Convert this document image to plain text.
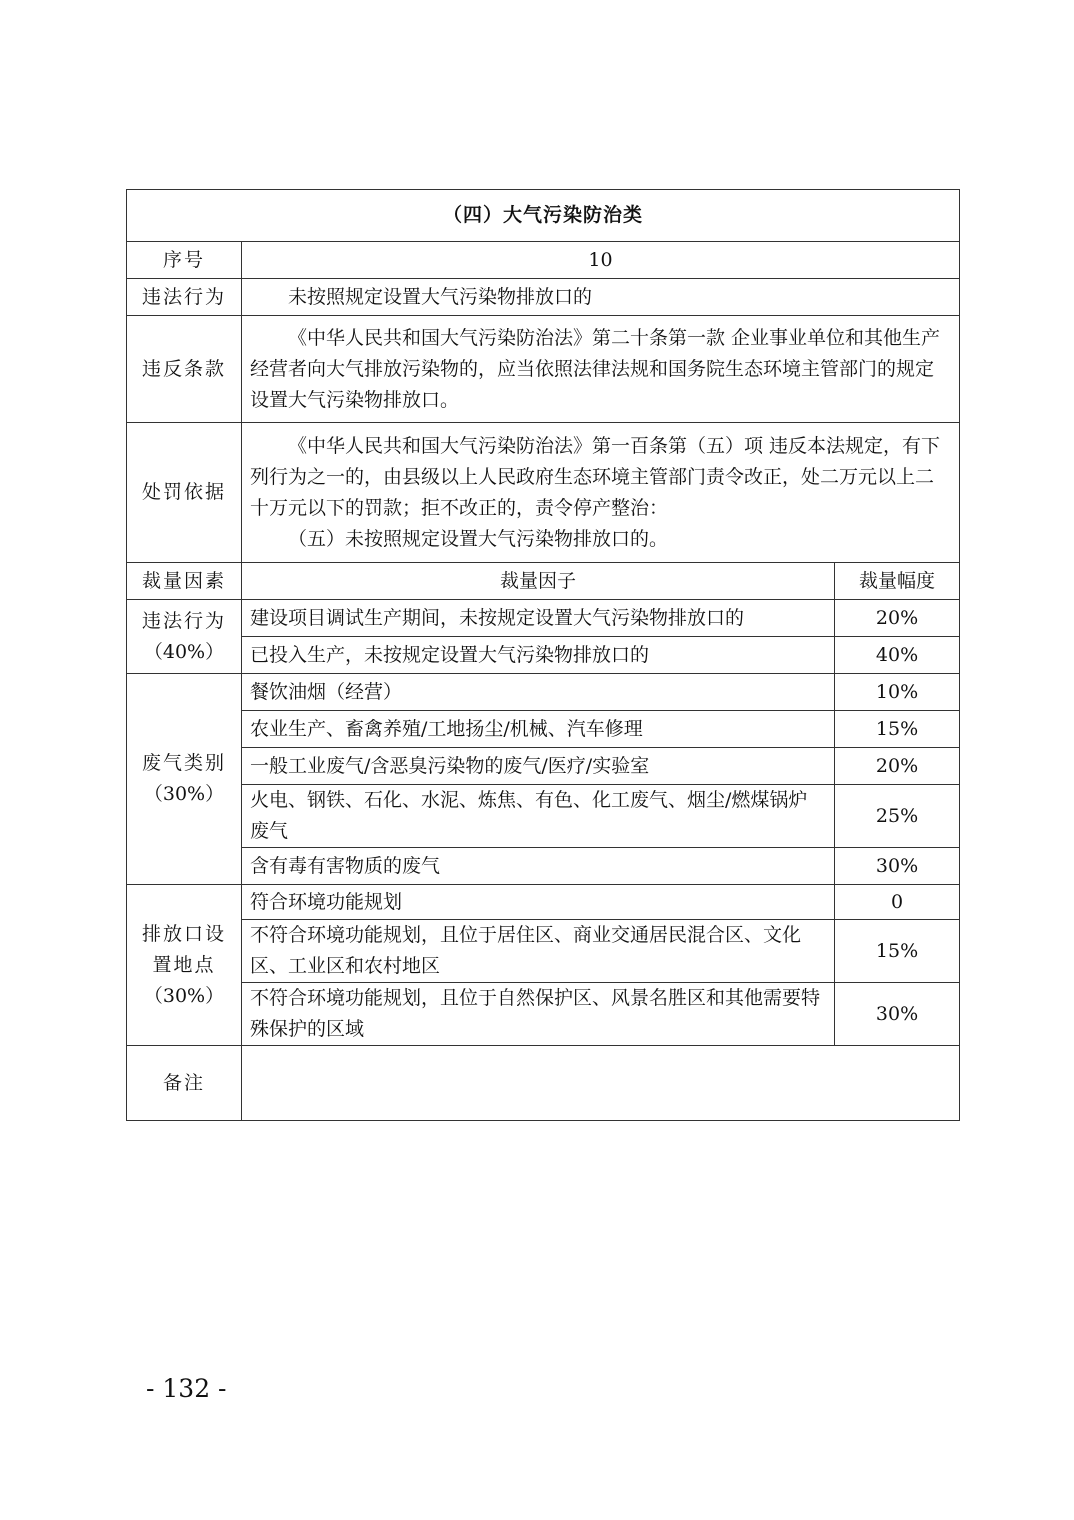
（四）大气污染防治类		
序号	10	
违法行为	未按照规定设置大气污染物排放口的	
违反条款	《中华人民共和国大气污染防治法》第二十条第一款 企业事业单位和其他生产经营者向大气排放污染物的，应当依照法律法规和国务院生态环境主管部门的规定设置大气污染物排放口。	

处罚依据	《中华人民共和国大气污染防治法》第一百条第（五）项 违反本法规定，有下列行为之一的，由县级以上人民政府生态环境主管部门责令改正，处二万元以上二十万元以下的罚款；拒不改正的，责令停产整治：

（五）未按照规定设置大气污染物排放口的。	

裁量因素	裁量因子	裁量幅度

违法行为
（40%）	建设项目调试生产期间，未按规定设置大气污染物排放口的	20%
	已投入生产，未按规定设置大气污染物排放口的	40%

废气类别
（30%）	餐饮油烟（经营）	10%
	农业生产、畜禽养殖/工地扬尘/机械、汽车修理	15%
	一般工业废气/含恶臭污染物的废气/医疗/实验室	20%
	火电、钢铁、石化、水泥、炼焦、有色、化工废气、烟尘/燃煤锅炉废气	25%
	含有毒有害物质的废气	30%

排放口设
置地点
（30%）	符合环境功能规划	0
	不符合环境功能规划，且位于居住区、商业交通居民混合区、文化区、工业区和农村地区	15%
	不符合环境功能规划，且位于自然保护区、风景名胜区和其他需要特殊保护的区域	30%
备注		
- 132 -
